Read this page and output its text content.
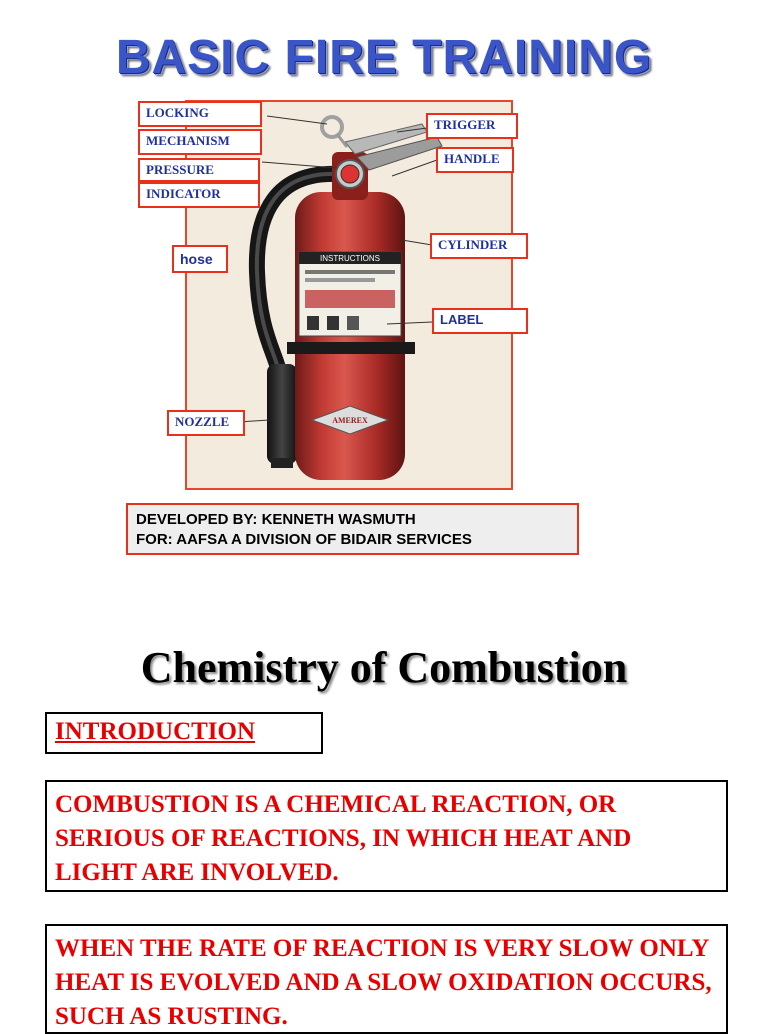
BASIC FIRE TRAINING
INSTRUCTIONS
AMEREX
LOCKING
MECHANISM
PRESSURE
INDICATOR
hose
NOZZLE
TRIGGER
HANDLE
CYLINDER
LABEL
DEVELOPED BY: KENNETH WASMUTH
FOR: AAFSA A DIVISION OF BIDAIR SERVICES
Chemistry of Combustion
INTRODUCTION
COMBUSTION IS A CHEMICAL REACTION, OR SERIOUS OF REACTIONS, IN WHICH HEAT AND LIGHT ARE INVOLVED.
WHEN THE RATE OF REACTION IS VERY SLOW ONLY HEAT IS EVOLVED AND A SLOW OXIDATION OCCURS, SUCH AS RUSTING.
